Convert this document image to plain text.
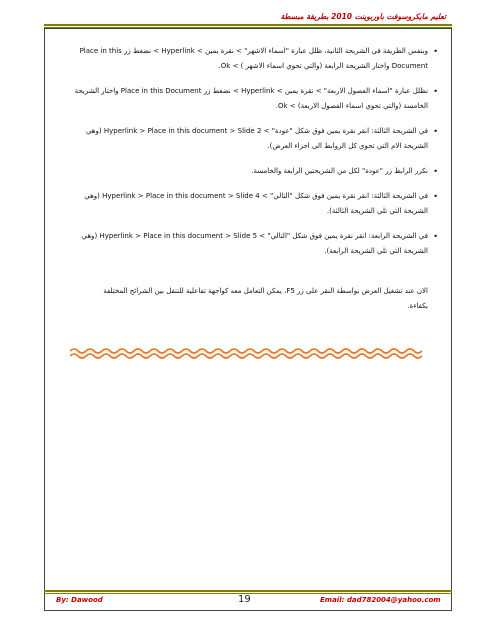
تعليم مايكروسوفت باوربوينت 2010 بطريقة مبسطة
•
وبنفس الطريقة في الشريحة الثانية، ظلل عبارة "اسماء الاشهر" > نقرة يمين > Hyperlink > نضغط زر Place in this Document واختار الشريحة الرابعة (والتي تحوي اسماء الاشهر ) > Ok.
•
نظلل عبارة "اسماء الفصول الاربعة" > نقرة يمين > Hyperlink > نضغط زر Place in this Document واختار الشريحة الخامسة (والتي تحوي اسماء الفصول الاربعة) > Ok.
•
في الشريحة الثالثة: انقر نقرة يمين فوق شكل "عودة" > Hyperlink > Place in this document > Slide 2 (وهي الشريحة الام التي تحوي كل الروابط الى اجزاء العرض).
•
نكرر الرابط زر "عودة" لكل من الشريحتين الرابعة والخامسة.
•
في الشريحة الثالثة: انقر نقرة يمين فوق شكل "التالي" > Hyperlink > Place in this document > Slide 4 (وهي الشريحة التي تلي الشريحة الثالثة).
•
في الشريحة الرابعة: انقر نقرة يمين فوق شكل "التالي" > Hyperlink > Place in this document > Slide 5 (وهي الشريحة التي تلي الشريحة الرابعة).
الان عند تشغيل العرض بواسطة النقر على زر F5، يمكن التعامل معه كواجهة تفاعلية للتنقل بين الشرائح المختلفة بكفاءة.
By: Dawood	19	Email: dad782004@yahoo.com
